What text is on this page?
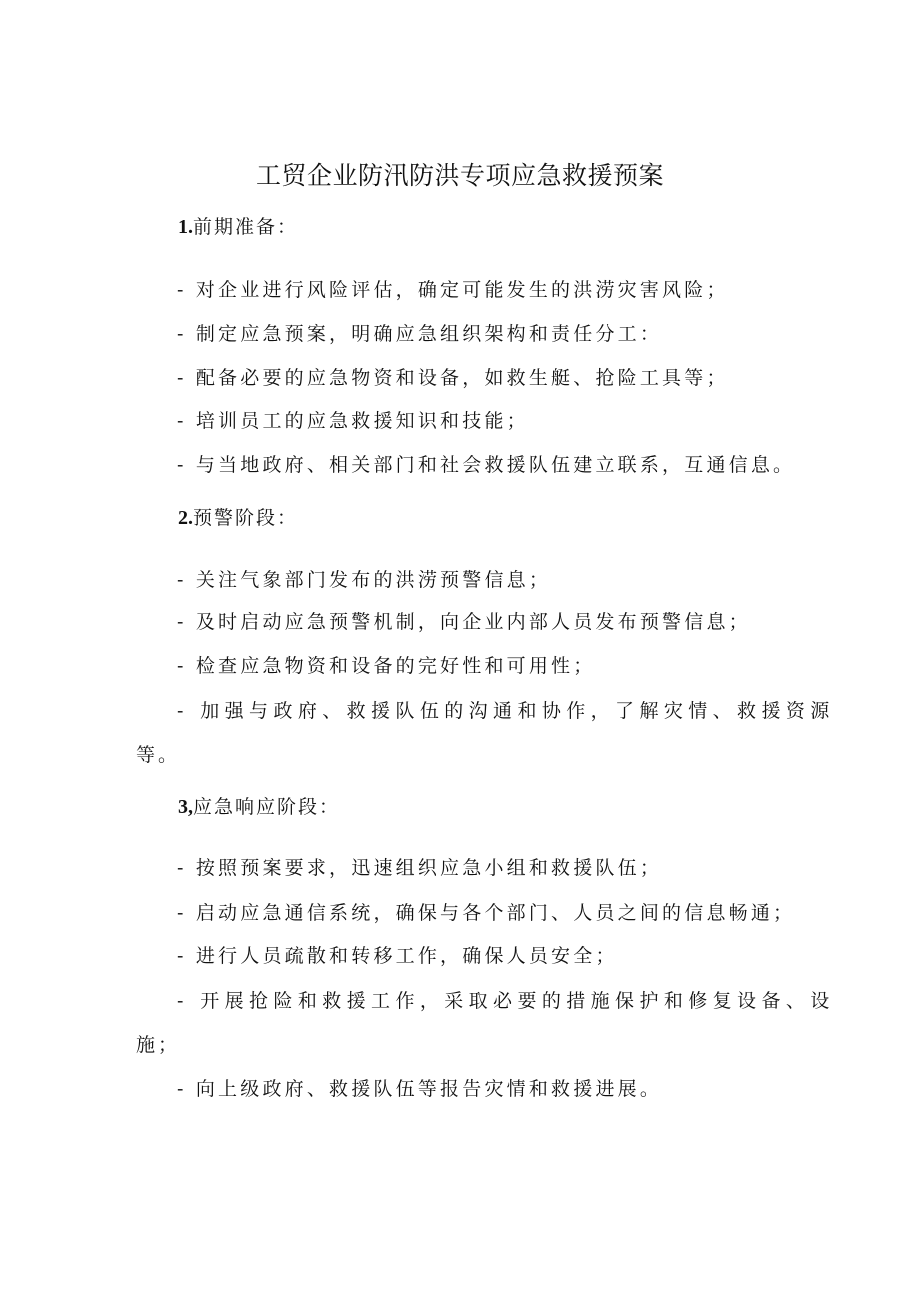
工贸企业防汛防洪专项应急救援预案
1.前期准备：
- 对企业进行风险评估，确定可能发生的洪涝灾害风险；
- 制定应急预案，明确应急组织架构和责任分工：
- 配备必要的应急物资和设备，如救生艇、抢险工具等；
- 培训员工的应急救援知识和技能；
- 与当地政府、相关部门和社会救援队伍建立联系，互通信息。
2.预警阶段：
- 关注气象部门发布的洪涝预警信息；
- 及时启动应急预警机制，向企业内部人员发布预警信息；
- 检查应急物资和设备的完好性和可用性；
- 加强与政府、救援队伍的沟通和协作，了解灾情、救援资源
等。
3,应急响应阶段：
- 按照预案要求，迅速组织应急小组和救援队伍；
- 启动应急通信系统，确保与各个部门、人员之间的信息畅通；
- 进行人员疏散和转移工作，确保人员安全；
- 开展抢险和救援工作，采取必要的措施保护和修复设备、设
施；
- 向上级政府、救援队伍等报告灾情和救援进展。
